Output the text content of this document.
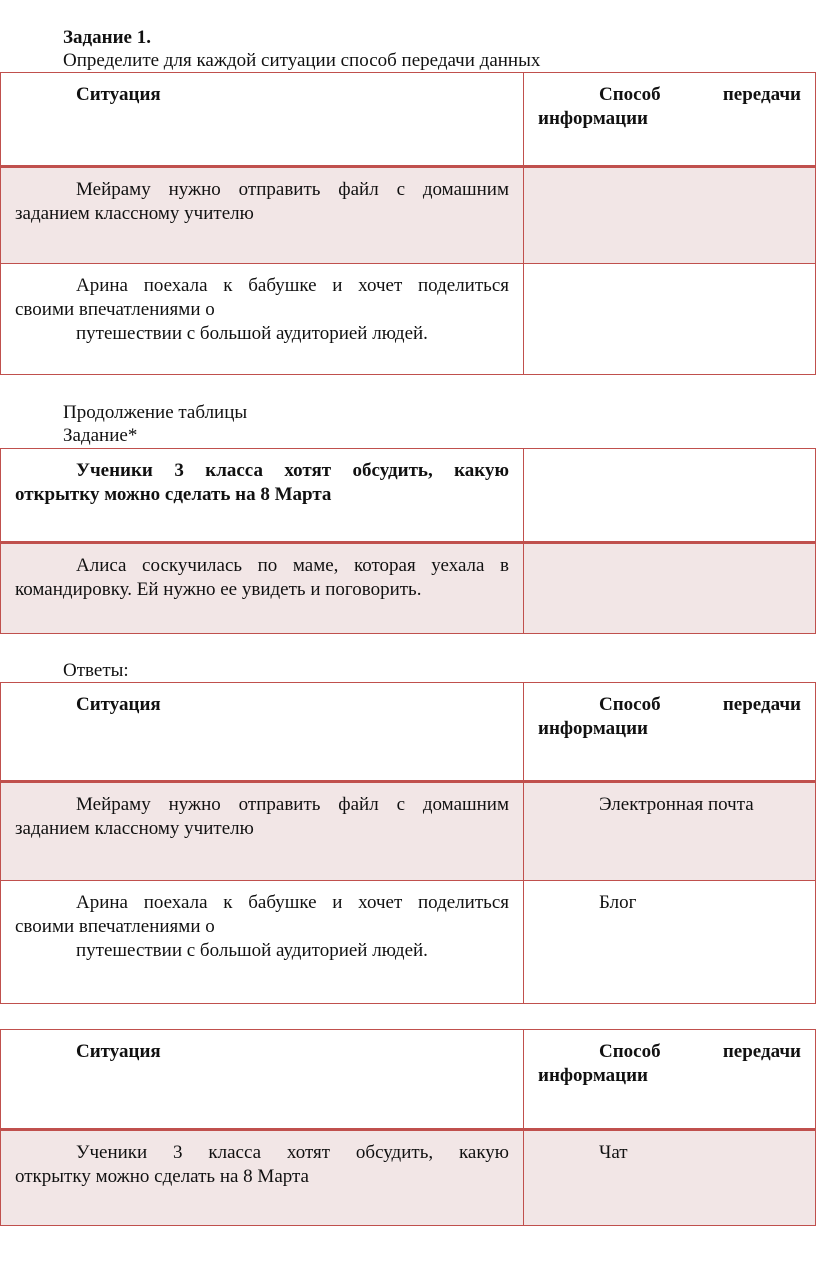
Задание 1.
Определите для каждой ситуации способ передачи данных
Ситуация	Способ передачи
информации

Мейраму нужно отправить файл с домашним
заданием классному учителю	

Арина поехала к бабушке и хочет поделиться
своими впечатлениями о
путешествии с большой аудиторией людей.	

Продолжение таблицы
Задание*
Ученики 3 класса хотят обсудить, какую
открытку можно сделать на 8 Марта	

Алиса соскучилась по маме, которая уехала в
командировку. Ей нужно ее увидеть и поговорить.	

Ответы:
Ситуация	Способ передачи
информации

Мейраму нужно отправить файл с домашним
заданием классному учителю	Электронная почта

Арина поехала к бабушке и хочет поделиться
своими впечатлениями о
путешествии с большой аудиторией людей.	Блог
Ситуация	Способ передачи
информации

Ученики 3 класса хотят обсудить, какую
открытку можно сделать на 8 Марта	Чат
